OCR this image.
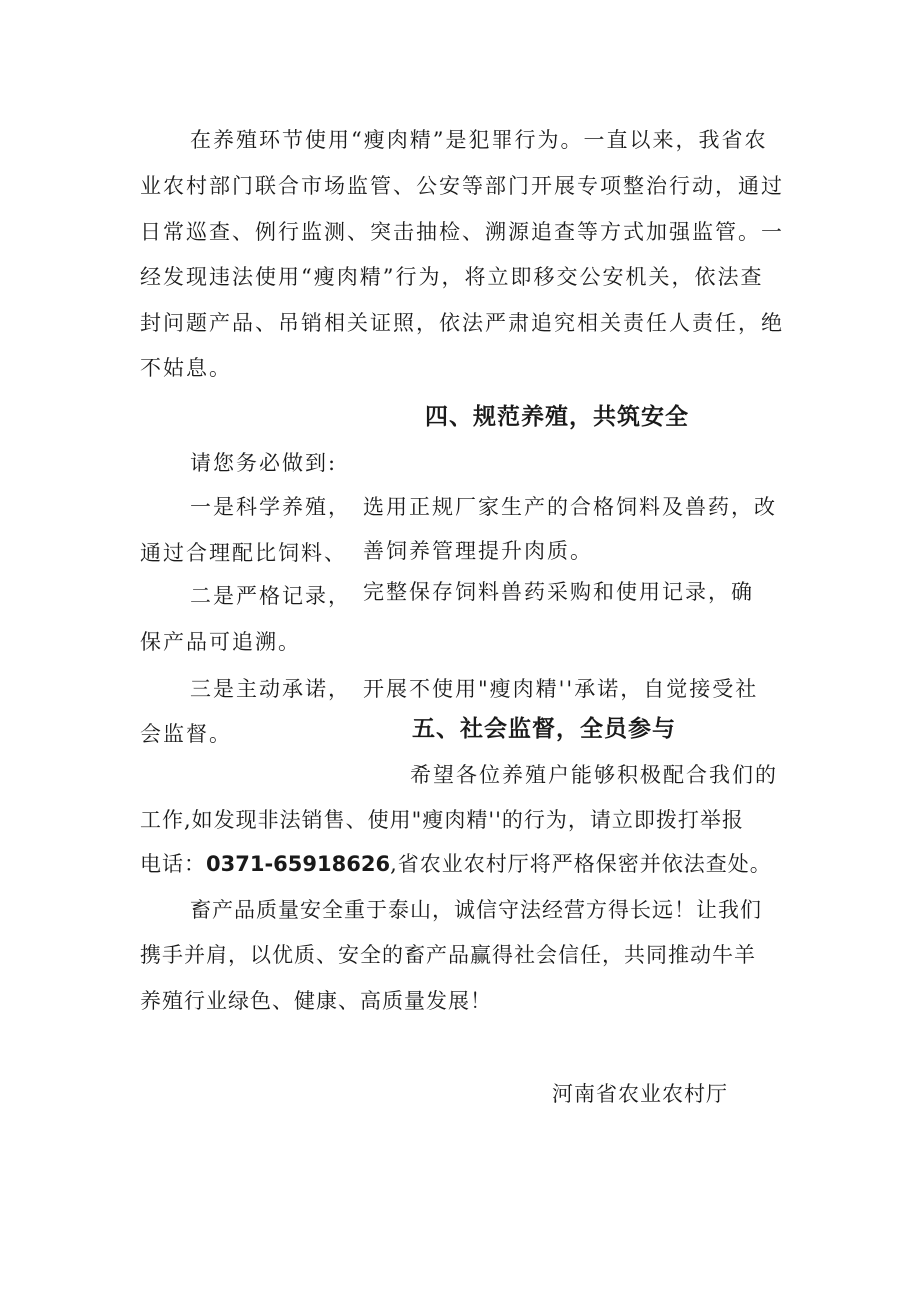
在养殖环节使用“瘦肉精”是犯罪行为。一直以来，我省农
业农村部门联合市场监管、公安等部门开展专项整治行动，通过
日常巡查、例行监测、突击抽检、溯源追查等方式加强监管。一
经发现违法使用“瘦肉精”行为，将立即移交公安机关，依法查
封问题产品、吊销相关证照，依法严肃追究相关责任人责任，绝
不姑息。
四、规范养殖，共筑安全
请您务必做到:
一是科学养殖， 选用正规厂家生产的合格饲料及兽药，改
通过合理配比饲料、 善饲养管理提升肉质。
二是严格记录， 完整保存饲料兽药采购和使用记录，确
保产品可追溯。
三是主动承诺， 开展不使用"瘦肉精''承诺，自觉接受社
会监督。	五、社会监督，全员参与
希望各位养殖户能够积极配合我们的
工作,如发现非法销售、使用"瘦肉精''的行为，请立即拨打举报
电话：0371-65918626,省农业农村厅将严格保密并依法查处。
畜产品质量安全重于泰山，诚信守法经营方得长远！让我们
携手并肩，以优质、安全的畜产品赢得社会信任，共同推动牛羊
养殖行业绿色、健康、高质量发展！
河南省农业农村厅
